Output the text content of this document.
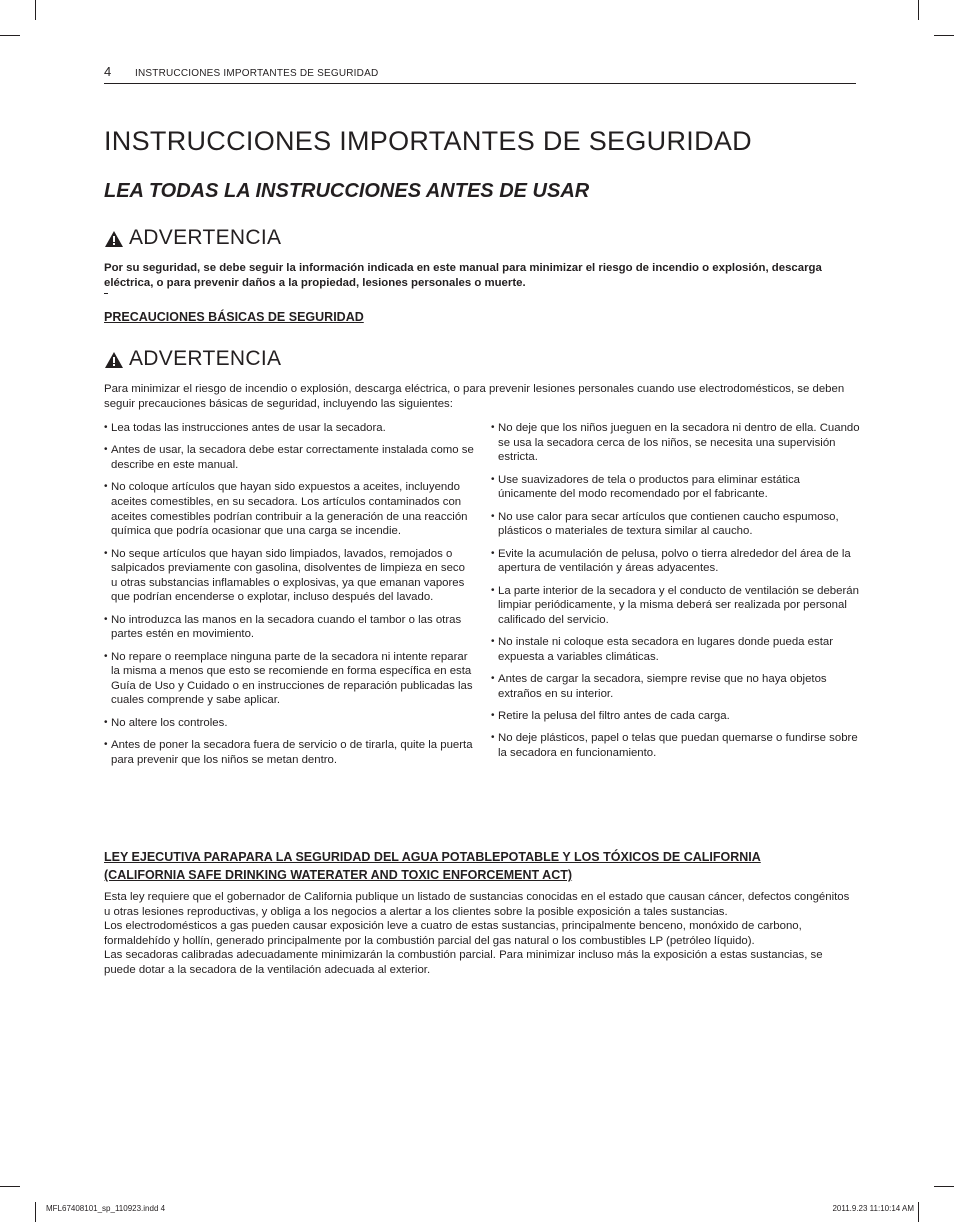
4 INSTRUCCIONES IMPORTANTES DE SEGURIDAD
INSTRUCCIONES IMPORTANTES DE SEGURIDAD
LEA TODAS LA INSTRUCCIONES ANTES DE USAR
ADVERTENCIA

Por su seguridad, se debe seguir la información indicada en este manual para minimizar el riesgo de incendio o explosión, descarga eléctrica, o para prevenir daños a la propiedad, lesiones personales o muerte.

PRECAUCIONES BÁSICAS DE SEGURIDAD
ADVERTENCIA

Para minimizar el riesgo de incendio o explosión, descarga eléctrica, o para prevenir lesiones personales cuando use electrodomésticos, se deben seguir precauciones básicas de seguridad, incluyendo las siguientes:

• Lea todas las instrucciones antes de usar la secadora.
• Antes de usar, la secadora debe estar correctamente instalada como se describe en este manual.
• No coloque artículos que hayan sido expuestos a aceites, incluyendo aceites comestibles, en su secadora. Los artículos contaminados con aceites comestibles podrían contribuir a la generación de una reacción química que podría ocasionar que una carga se incendie.
• No seque artículos que hayan sido limpiados, lavados, remojados o salpicados previamente con gasolina, disolventes de limpieza en seco u otras substancias inflamables o explosivas, ya que emanan vapores que podrían encenderse o explotar, incluso después del lavado.
• No introduzca las manos en la secadora cuando el tambor o las otras partes estén en movimiento.
• No repare o reemplace ninguna parte de la secadora ni intente reparar la misma a menos que esto se recomiende en forma específica en esta Guía de Uso y Cuidado o en instrucciones de reparación publicadas las cuales comprende y sabe aplicar.
• No altere los controles.
• Antes de poner la secadora fuera de servicio o de tirarla, quite la puerta para prevenir que los niños se metan dentro.
• No deje que los niños jueguen en la secadora ni dentro de ella. Cuando se usa la secadora cerca de los niños, se necesita una supervisión estricta.
• Use suavizadores de tela o productos para eliminar estática únicamente del modo recomendado por el fabricante.
• No use calor para secar artículos que contienen caucho espumoso, plásticos o materiales de textura similar al caucho.
• Evite la acumulación de pelusa, polvo o tierra alrededor del área de la apertura de ventilación y áreas adyacentes.
• La parte interior de la secadora y el conducto de ventilación se deberán limpiar periódicamente, y la misma deberá ser realizada por personal calificado del servicio.
• No instale ni coloque esta secadora en lugares donde pueda estar expuesta a variables climáticas.
• Antes de cargar la secadora, siempre revise que no haya objetos extraños en su interior.
• Retire la pelusa del filtro antes de cada carga.
• No deje plásticos, papel o telas que puedan quemarse o fundirse sobre la secadora en funcionamiento.
LEY EJECUTIVA PARAPARA LA SEGURIDAD DEL AGUA POTABLEPOTABLE Y LOS TÓXICOS DE CALIFORNIA
(CALIFORNIA SAFE DRINKING WATERATER AND TOXIC ENFORCEMENT ACT)
Esta ley requiere que el gobernador de California publique un listado de sustancias conocidas en el estado que causan cáncer, defectos congénitos u otras lesiones reproductivas, y obliga a los negocios a alertar a los clientes sobre la posible exposición a tales sustancias.
Los electrodomésticos a gas pueden causar exposición leve a cuatro de estas sustancias, principalmente benceno, monóxido de carbono, formaldehído y hollín, generado principalmente por la combustión parcial del gas natural o los combustibles LP (petróleo líquido).
Las secadoras calibradas adecuadamente minimizarán la combustión parcial. Para minimizar incluso más la exposición a estas sustancias, se puede dotar a la secadora de la ventilación adecuada al exterior.
MFL67408101_sp_110923.indd 4	2011.9.23 11:10:14 AM
